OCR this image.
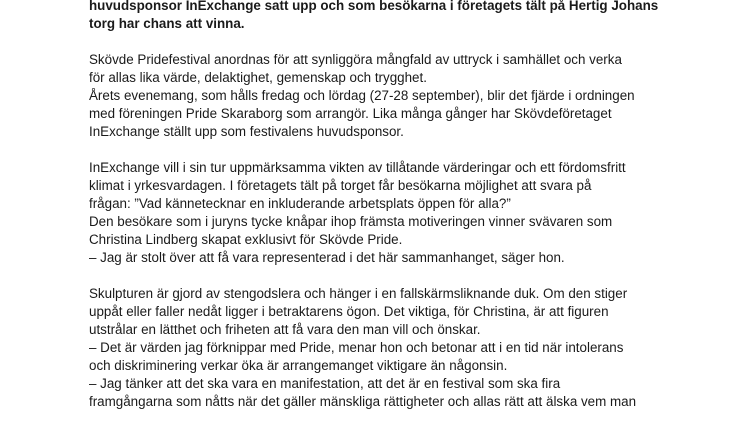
huvudsponsor InExchange satt upp och som besökarna i företagets tält på Hertig Johans
torg har chans att vinna.

Skövde Pridefestival anordnas för att synliggöra mångfald av uttryck i samhället och verka
för allas lika värde, delaktighet, gemenskap och trygghet.
Årets evenemang, som hålls fredag och lördag (27-28 september), blir det fjärde i ordningen
med föreningen Pride Skaraborg som arrangör. Lika många gånger har Skövdeföretaget
InExchange ställt upp som festivalens huvudsponsor.

InExchange vill i sin tur uppmärksamma vikten av tillåtande värderingar och ett fördomsfritt
klimat i yrkesvardagen. I företagets tält på torget får besökarna möjlighet att svara på
frågan: ”Vad kännetecknar en inkluderande arbetsplats öppen för alla?”
Den besökare som i juryns tycke knåpar ihop främsta motiveringen vinner svävaren som
Christina Lindberg skapat exklusivt för Skövde Pride.
– Jag är stolt över att få vara representerad i det här sammanhanget, säger hon.

Skulpturen är gjord av stengodslera och hänger i en fallskärmsliknande duk. Om den stiger
uppåt eller faller nedåt ligger i betraktarens ögon. Det viktiga, för Christina, är att figuren
utstrålar en lätthet och friheten att få vara den man vill och önskar.
– Det är värden jag förknippar med Pride, menar hon och betonar att i en tid när intolerans
och diskriminering verkar öka är arrangemanget viktigare än någonsin.
– Jag tänker att det ska vara en manifestation, att det är en festival som ska fira
framgångarna som nåtts när det gäller mänskliga rättigheter och allas rätt att älska vem man
